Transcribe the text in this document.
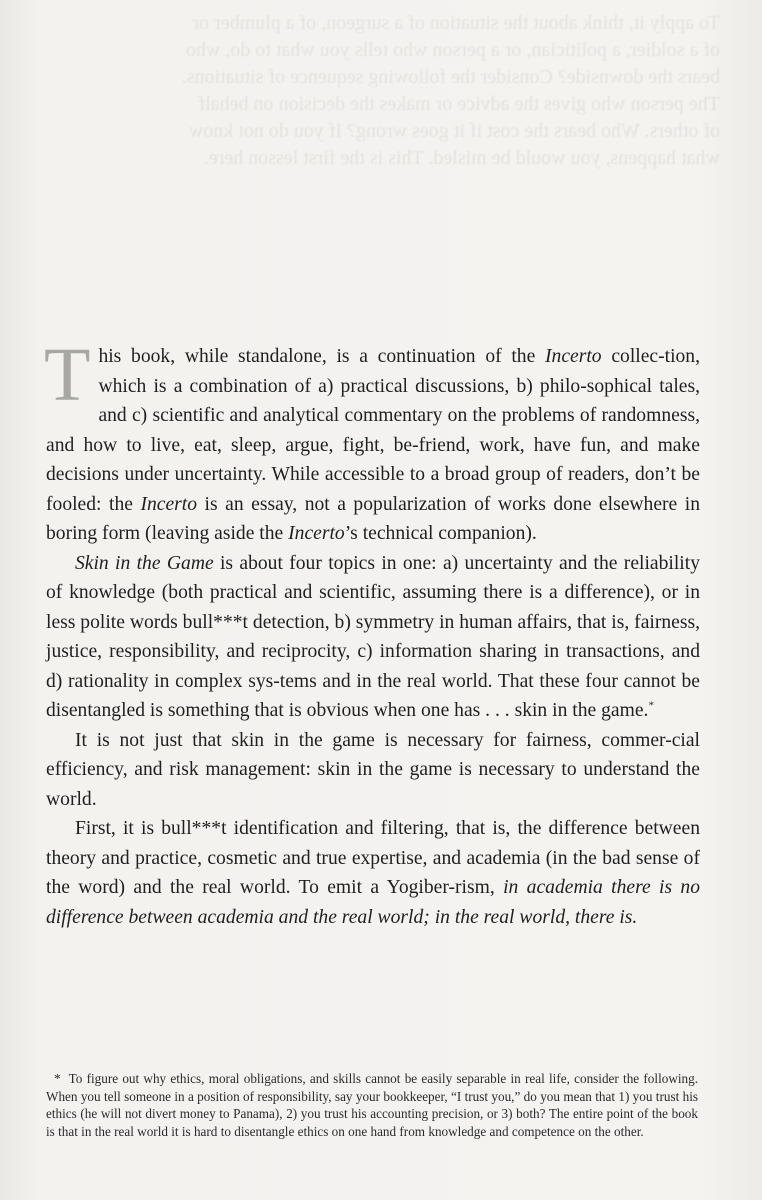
To apply it, think about the situation of a surgeon, of a plumber or

of a soldier, a politician, or a person who tells you what to do, who

bears the downside? Consider the following sequence of situations.

The person who gives the advice or makes the decision on behalf

of others. Who bears the cost if it goes wrong? If you do not know

what happens, you would be misled. This is the first lesson here.

This book, while standalone, is a continuation of the Incerto collec-tion, which is a combination of a) practical discussions, b) philo-sophical tales, and c) scientific and analytical commentary on the problems of randomness, and how to live, eat, sleep, argue, fight, be-friend, work, have fun, and make decisions under uncertainty. While accessible to a broad group of readers, don’t be fooled: the Incerto is an essay, not a popularization of works done elsewhere in boring form (leaving aside the Incerto’s technical companion).

Skin in the Game is about four topics in one: a) uncertainty and the reliability of knowledge (both practical and scientific, assuming there is a difference), or in less polite words bull***t detection, b) symmetry in human affairs, that is, fairness, justice, responsibility, and reciprocity, c) information sharing in transactions, and d) rationality in complex sys-tems and in the real world. That these four cannot be disentangled is something that is obvious when one has . . . skin in the game.*

It is not just that skin in the game is necessary for fairness, commer-cial efficiency, and risk management: skin in the game is necessary to understand the world.

First, it is bull***t identification and filtering, that is, the difference between theory and practice, cosmetic and true expertise, and academia (in the bad sense of the word) and the real world. To emit a Yogiber-rism, in academia there is no difference between academia and the real world; in the real world, there is.

* To figure out why ethics, moral obligations, and skills cannot be easily separable in real life, consider the following. When you tell someone in a position of responsibility, say your bookkeeper, “I trust you,” do you mean that 1) you trust his ethics (he will not divert money to Panama), 2) you trust his accounting precision, or 3) both? The entire point of the book is that in the real world it is hard to disentangle ethics on one hand from knowledge and competence on the other.
